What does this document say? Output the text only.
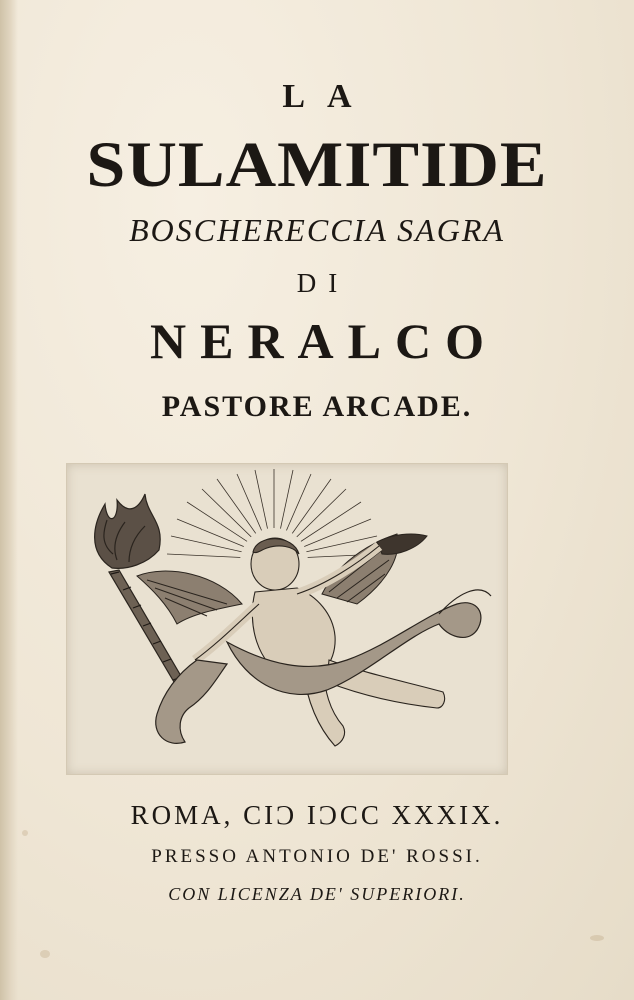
LA
SULAMITIDE
BOSCHERECCIA SAGRA
DI
NERALCO
PASTORE ARCADE.
ROMA, CIϽ IϽCC XXXIX.
PRESSO ANTONIO DE' ROSSI.
CON LICENZA DE' SUPERIORI.
